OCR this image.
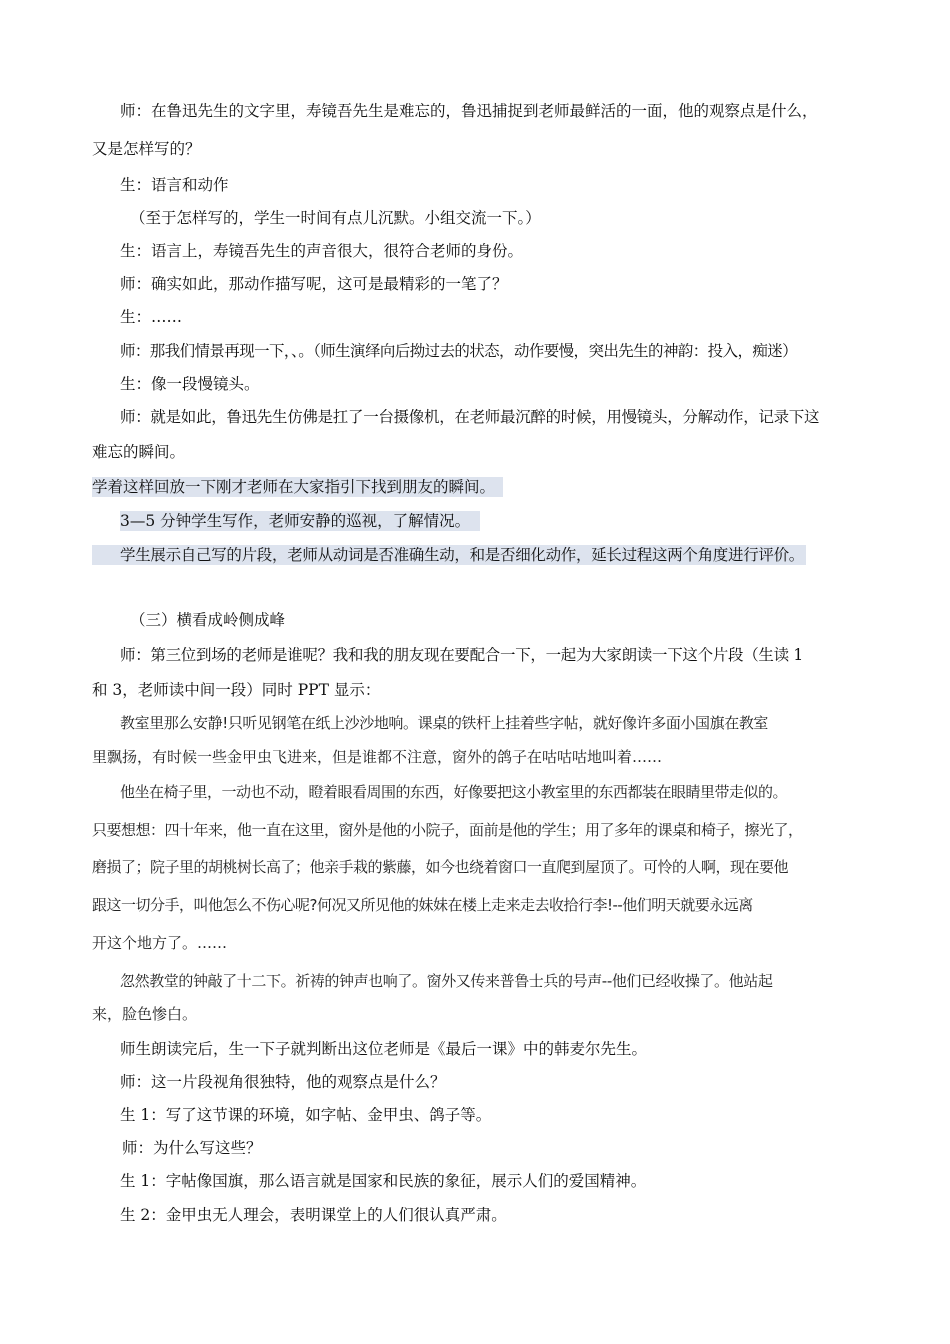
师：在鲁迅先生的文字里，寿镜吾先生是难忘的，鲁迅捕捉到老师最鲜活的一面，他的观察点是什么，
又是怎样写的？
生：语言和动作
（至于怎样写的，学生一时间有点儿沉默。小组交流一下。）
生：语言上，寿镜吾先生的声音很大，很符合老师的身份。
师：确实如此，那动作描写呢，这可是最精彩的一笔了？
生：……
师：那我们情景再现一下，、。（师生演绎向后拗过去的状态，动作要慢，突出先生的神韵：投入，痴迷）
生：像一段慢镜头。
师：就是如此，鲁迅先生仿佛是扛了一台摄像机，在老师最沉醉的时候，用慢镜头，分解动作，记录下这
难忘的瞬间。
学着这样回放一下刚才老师在大家指引下找到朋友的瞬间。
3—5 分钟学生写作，老师安静的巡视，了解情况。
学生展示自己写的片段，老师从动词是否准确生动，和是否细化动作，延长过程这两个角度进行评价。
（三）横看成岭侧成峰
师：第三位到场的老师是谁呢？我和我的朋友现在要配合一下，一起为大家朗读一下这个片段（生读 1
和 3，老师读中间一段）同时 PPT 显示：
教室里那么安静!只听见钢笔在纸上沙沙地响。课桌的铁杆上挂着些字帖，就好像许多面小国旗在教室
里飘扬，有时候一些金甲虫飞进来，但是谁都不注意，窗外的鸽子在咕咕咕地叫着……
他坐在椅子里，一动也不动，瞪着眼看周围的东西，好像要把这小教室里的东西都装在眼睛里带走似的。
只要想想：四十年来，他一直在这里，窗外是他的小院子，面前是他的学生；用了多年的课桌和椅子，擦光了，
磨损了；院子里的胡桃树长高了；他亲手栽的紫藤，如今也绕着窗口一直爬到屋顶了。可怜的人啊，现在要他
跟这一切分手，叫他怎么不伤心呢?何况又所见他的妹妹在楼上走来走去收拾行李!--他们明天就要永远离
开这个地方了。……
忽然教堂的钟敲了十二下。祈祷的钟声也响了。窗外又传来普鲁士兵的号声--他们已经收操了。他站起
来，脸色惨白。
师生朗读完后，生一下子就判断出这位老师是《最后一课》中的韩麦尔先生。
师：这一片段视角很独特，他的观察点是什么？
生 1：写了这节课的环境，如字帖、金甲虫、鸽子等。
师：为什么写这些？
生 1：字帖像国旗，那么语言就是国家和民族的象征，展示人们的爱国精神。
生 2：金甲虫无人理会，表明课堂上的人们很认真严肃。
